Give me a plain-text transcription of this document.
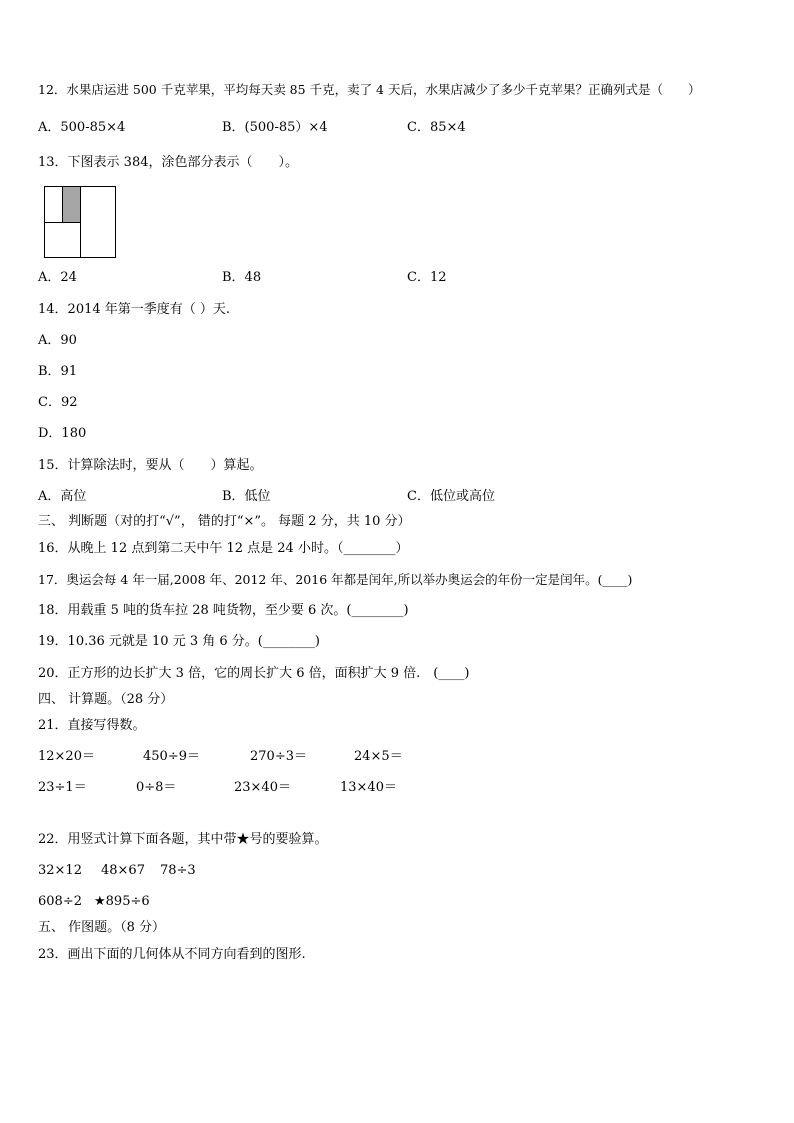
12．水果店运进 500 千克苹果，平均每天卖 85 千克，卖了 4 天后，水果店减少了多少千克苹果？正确列式是（　　）
A．500-85×4	B．(500-85）×4	C．85×4
13．下图表示 384，涂色部分表示（　　）。
A．24	B．48	C．12
14．2014 年第一季度有（ ）天.
A．90
B．91
C．92
D．180
15．计算除法时，要从（　　）算起。
A．高位	B．低位	C．低位或高位
三、 判断题（对的打“√”， 错的打“×”。 每题 2 分，共 10 分）
16．从晚上 12 点到第二天中午 12 点是 24 小时。（________）
17．奥运会每 4 年一届,2008 年、2012 年、2016 年都是闰年,所以举办奥运会的年份一定是闰年。(____)
18．用载重 5 吨的货车拉 28 吨货物，至少要 6 次。(________)
19．10.36 元就是 10 元 3 角 6 分。(________)
20．正方形的边长扩大 3 倍，它的周长扩大 6 倍，面积扩大 9 倍.　(____)
四、 计算题。（28 分）
21．直接写得数。
12×20＝	450÷9＝	270÷3＝	24×5＝
23÷1＝	0÷8＝	23×40＝	13×40＝
22．用竖式计算下面各题，其中带★号的要验算。
32×12 48×67 78÷3
608÷2 ★895÷6
五、 作图题。（8 分）
23．画出下面的几何体从不同方向看到的图形.
